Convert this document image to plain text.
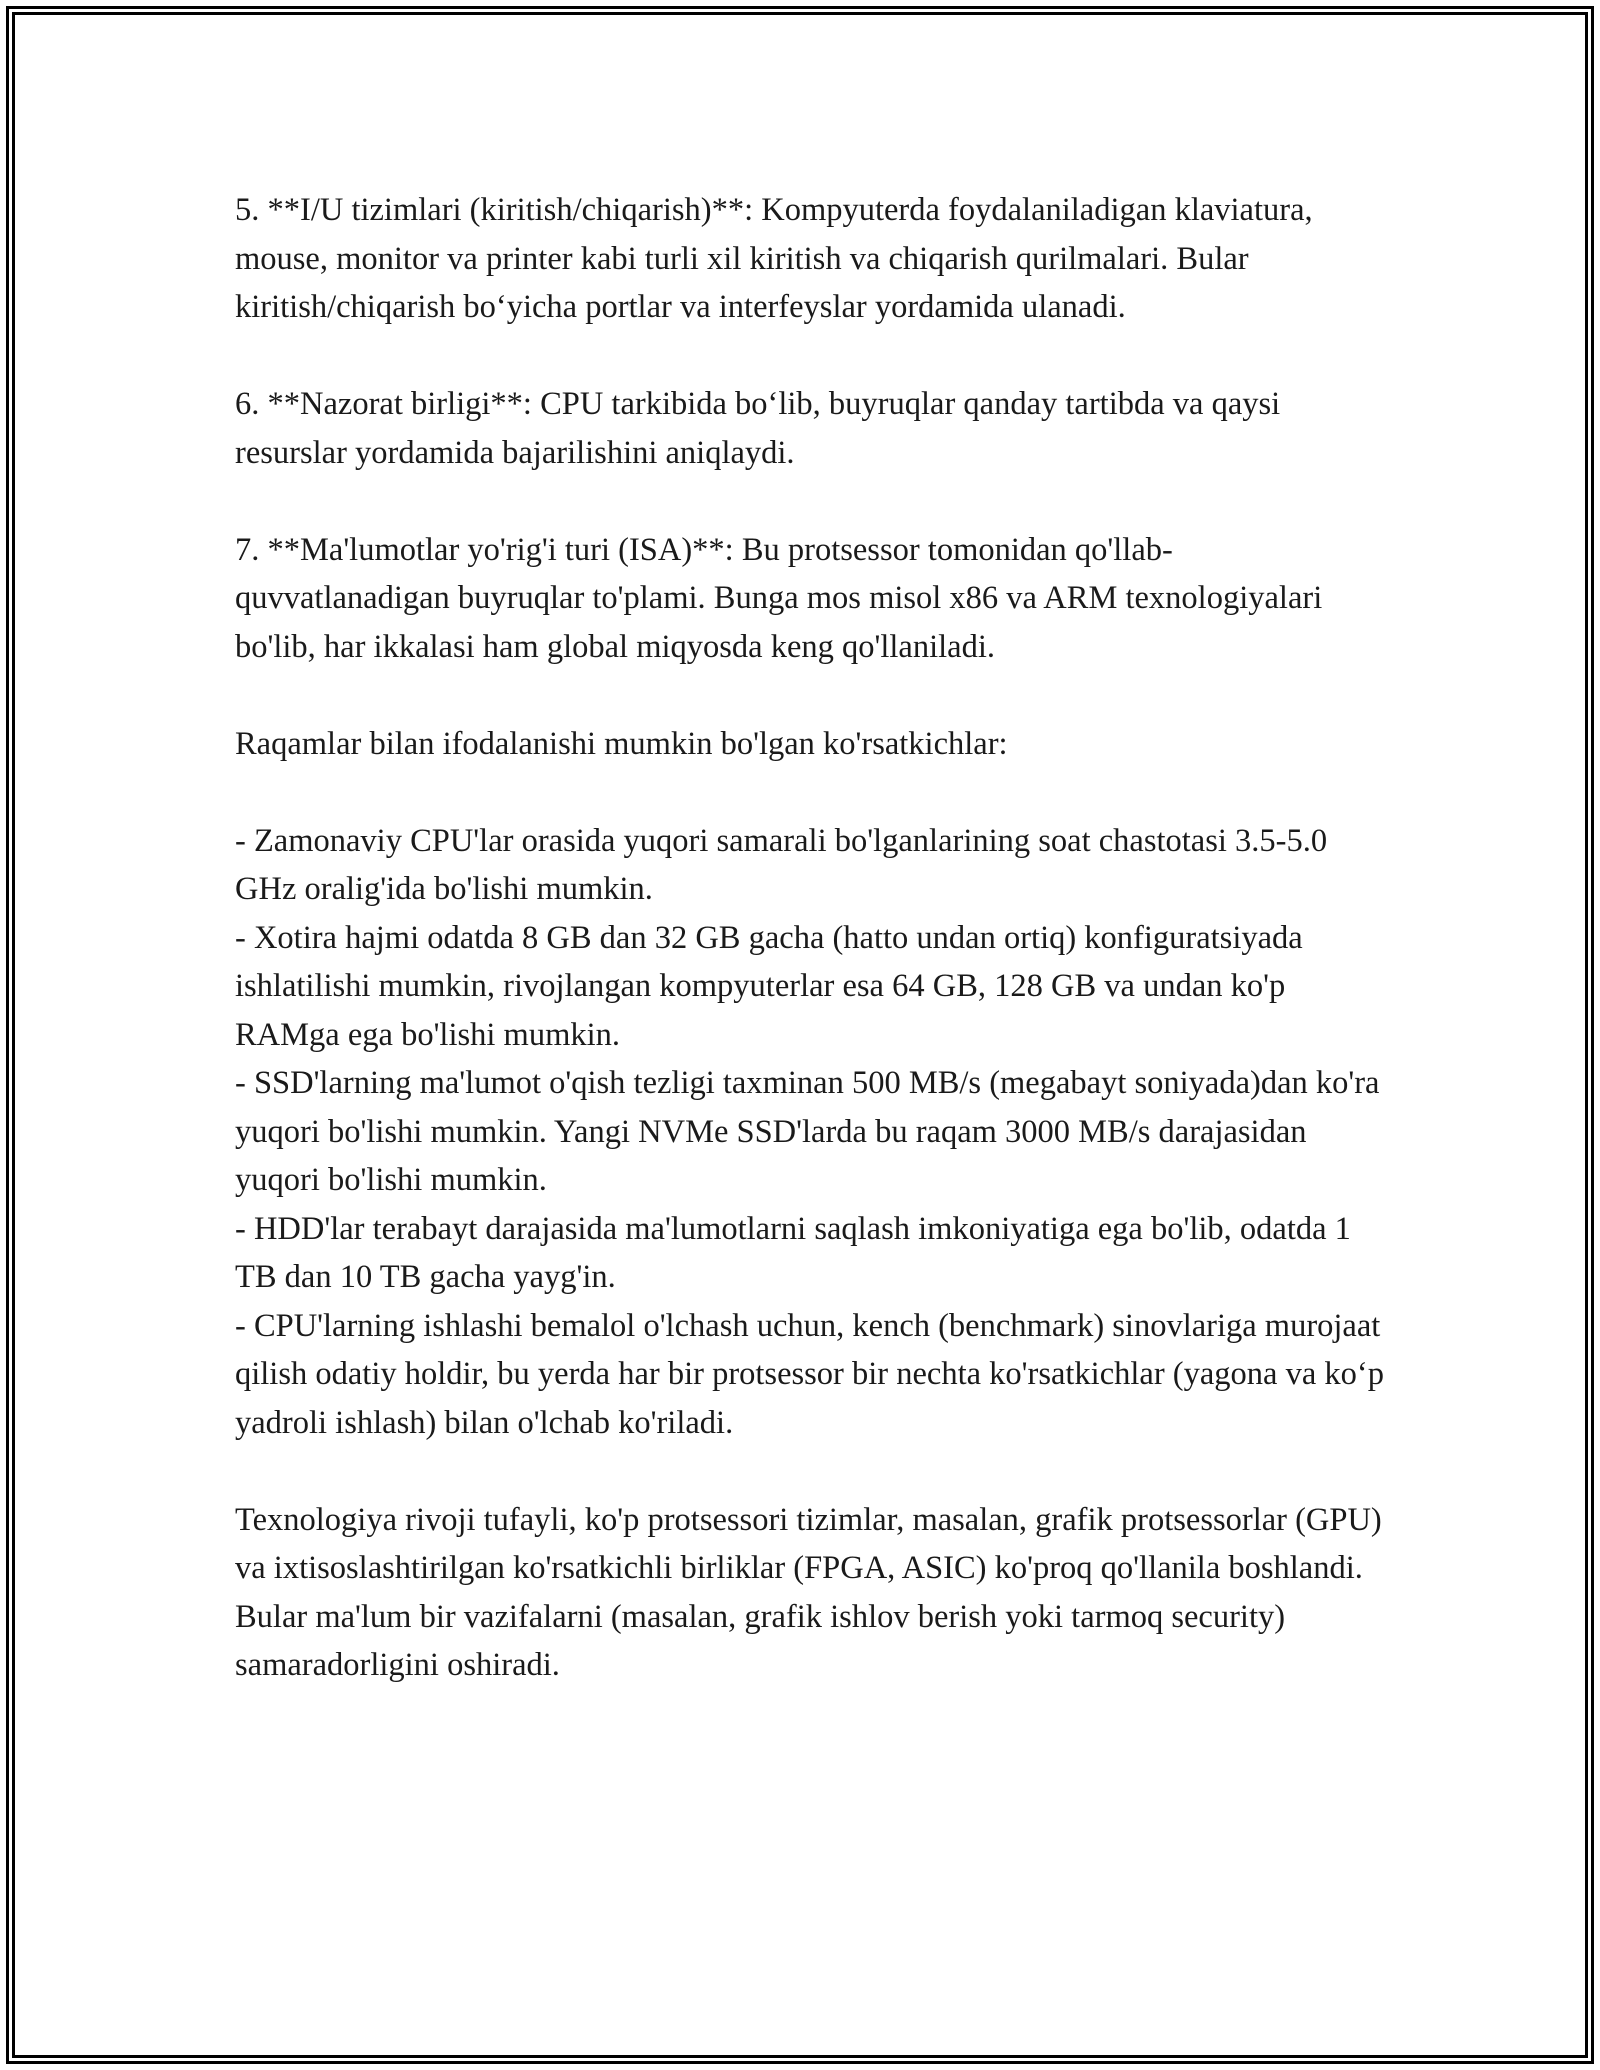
5. **I/U tizimlari (kiritish/chiqarish)**: Kompyuterda foydalaniladigan klaviatura, mouse, monitor va printer kabi turli xil kiritish va chiqarish qurilmalari. Bular kiritish/chiqarish bo‘yicha portlar va interfeyslar yordamida ulanadi.

6. **Nazorat birligi**: CPU tarkibida bo‘lib, buyruqlar qanday tartibda va qaysi resurslar yordamida bajarilishini aniqlaydi.

7. **Ma'lumotlar yo'rig'i turi (ISA)**: Bu protsessor tomonidan qo'llab-quvvatlanadigan buyruqlar to'plami. Bunga mos misol x86 va ARM texnologiyalari bo'lib, har ikkalasi ham global miqyosda keng qo'llaniladi.

Raqamlar bilan ifodalanishi mumkin bo'lgan ko'rsatkichlar:

- Zamonaviy CPU'lar orasida yuqori samarali bo'lganlarining soat chastotasi 3.5-5.0 GHz oralig'ida bo'lishi mumkin.
- Xotira hajmi odatda 8 GB dan 32 GB gacha (hatto undan ortiq) konfiguratsiyada ishlatilishi mumkin, rivojlangan kompyuterlar esa 64 GB, 128 GB va undan ko'p RAMga ega bo'lishi mumkin.
- SSD'larning ma'lumot o'qish tezligi taxminan 500 MB/s (megabayt soniyada)dan ko'ra yuqori bo'lishi mumkin. Yangi NVMe SSD'larda bu raqam 3000 MB/s darajasidan yuqori bo'lishi mumkin.
- HDD'lar terabayt darajasida ma'lumotlarni saqlash imkoniyatiga ega bo'lib, odatda 1 TB dan 10 TB gacha yayg'in.
- CPU'larning ishlashi bemalol o'lchash uchun, kench (benchmark) sinovlariga murojaat qilish odatiy holdir, bu yerda har bir protsessor bir nechta ko'rsatkichlar (yagona va ko‘p yadroli ishlash) bilan o'lchab ko'riladi.

Texnologiya rivoji tufayli, ko'p protsessori tizimlar, masalan, grafik protsessorlar (GPU) va ixtisoslashtirilgan ko'rsatkichli birliklar (FPGA, ASIC) ko'proq qo'llanila boshlandi. Bular ma'lum bir vazifalarni (masalan, grafik ishlov berish yoki tarmoq security) samaradorligini oshiradi.
